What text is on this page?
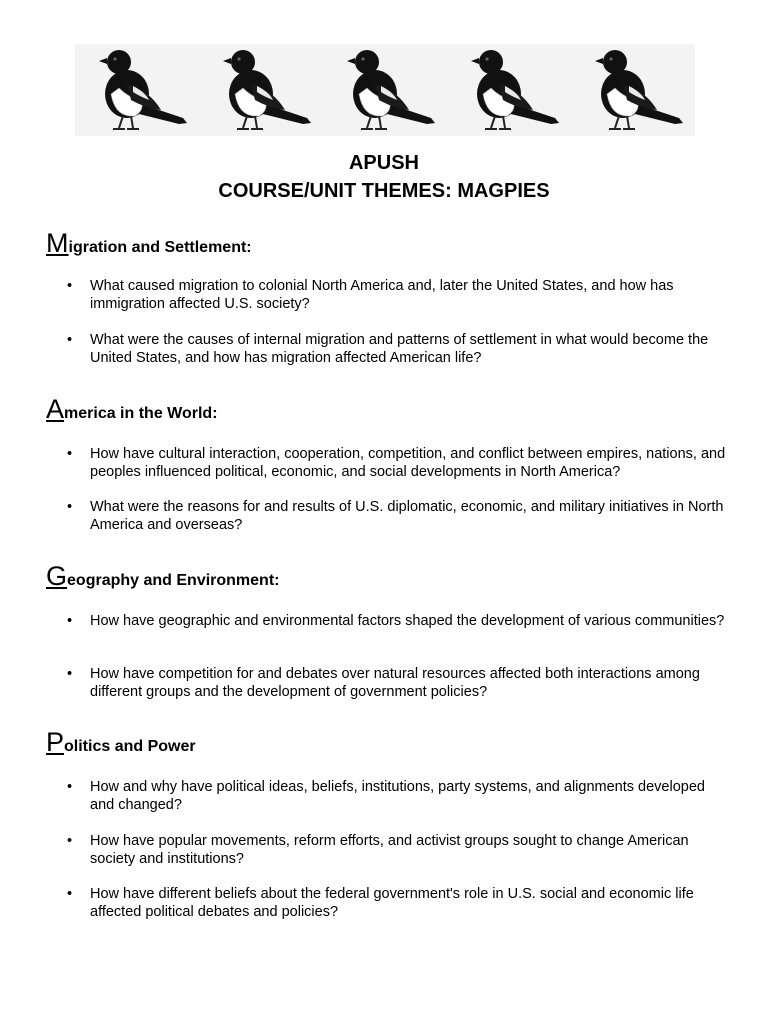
APUSH
COURSE/UNIT THEMES: MAGPIES
Migration and Settlement:
• What caused migration to colonial North America and, later the United States, and how has immigration affected U.S. society?
• What were the causes of internal migration and patterns of settlement in what would become the United States, and how has migration affected American life?
America in the World:
• How have cultural interaction, cooperation, competition, and conflict between empires, nations, and peoples influenced political, economic, and social developments in North America?
• What were the reasons for and results of U.S. diplomatic, economic, and military initiatives in North America and overseas?
Geography and Environment:
• How have geographic and environmental factors shaped the development of various communities?
• How have competition for and debates over natural resources affected both interactions among different groups and the development of government policies?
Politics and Power
• How and why have political ideas, beliefs, institutions, party systems, and alignments developed and changed?
• How have popular movements, reform efforts, and activist groups sought to change American society and institutions?
• How have different beliefs about the federal government's role in U.S. social and economic life affected political debates and policies?
